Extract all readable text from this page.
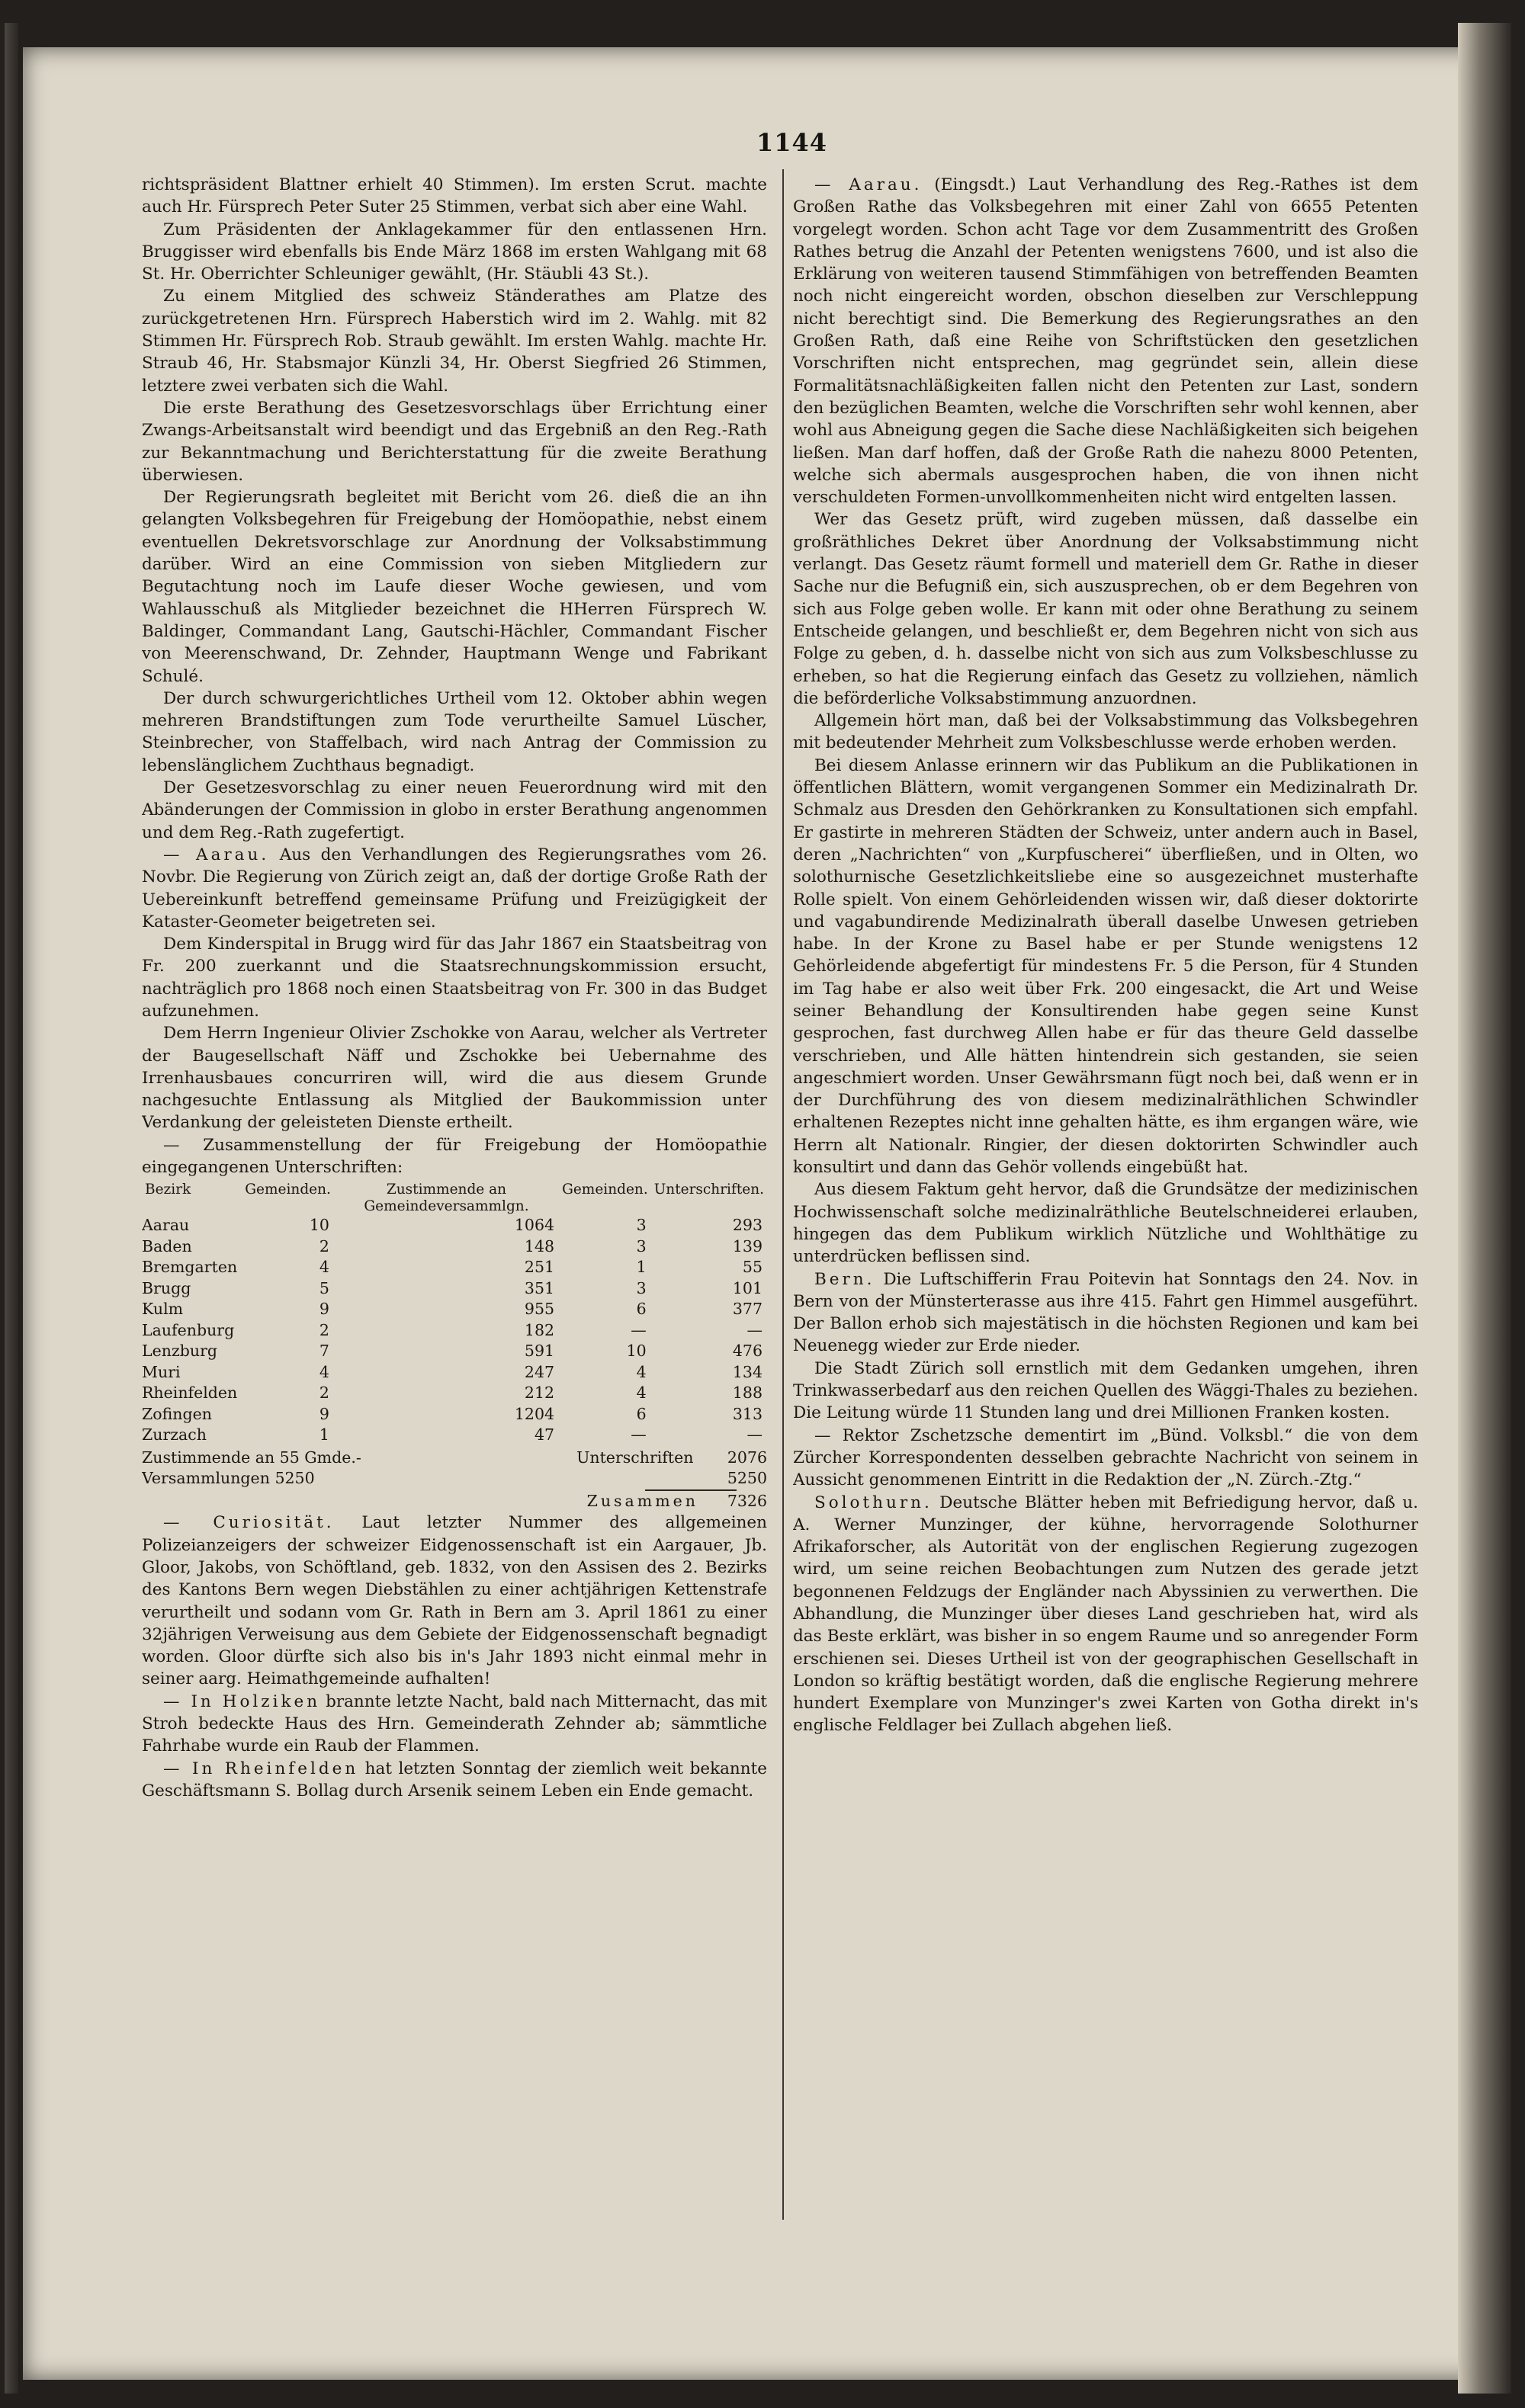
1144

richtspräsident Blattner erhielt 40 Stimmen). Im ersten Scrut. machte auch Hr. Fürsprech Peter Suter 25 Stimmen, verbat sich aber eine Wahl.

Zum Präsidenten der Anklagekammer für den entlassenen Hrn. Bruggisser wird ebenfalls bis Ende März 1868 im ersten Wahlgang mit 68 St. Hr. Oberrichter Schleuniger gewählt, (Hr. Stäubli 43 St.).

Zu einem Mitglied des schweiz Ständerathes am Platze des zurückgetretenen Hrn. Fürsprech Haberstich wird im 2. Wahlg. mit 82 Stimmen Hr. Fürsprech Rob. Straub gewählt. Im ersten Wahlg. machte Hr. Straub 46, Hr. Stabsmajor Künzli 34, Hr. Oberst Siegfried 26 Stimmen, letztere zwei verbaten sich die Wahl.

Die erste Berathung des Gesetzesvorschlags über Errichtung einer Zwangs-Arbeitsanstalt wird beendigt und das Ergebniß an den Reg.-Rath zur Bekanntmachung und Berichterstattung für die zweite Berathung überwiesen.

Der Regierungsrath begleitet mit Bericht vom 26. dieß die an ihn gelangten Volksbegehren für Freigebung der Homöopathie, nebst einem eventuellen Dekretsvorschlage zur Anordnung der Volksabstimmung darüber. Wird an eine Commission von sieben Mitgliedern zur Begutachtung noch im Laufe dieser Woche gewiesen, und vom Wahlausschuß als Mitglieder bezeichnet die HHerren Fürsprech W. Baldinger, Commandant Lang, Gautschi-Hächler, Commandant Fischer von Meerenschwand, Dr. Zehnder, Hauptmann Wenge und Fabrikant Schulé.

Der durch schwurgerichtliches Urtheil vom 12. Oktober abhin wegen mehreren Brandstiftungen zum Tode verurtheilte Samuel Lüscher, Steinbrecher, von Staffelbach, wird nach Antrag der Commission zu lebenslänglichem Zuchthaus begnadigt.

Der Gesetzesvorschlag zu einer neuen Feuerordnung wird mit den Abänderungen der Commission in globo in erster Berathung angenommen und dem Reg.-Rath zugefertigt.

— Aarau. Aus den Verhandlungen des Regierungsrathes vom 26. Novbr. Die Regierung von Zürich zeigt an, daß der dortige Große Rath der Uebereinkunft betreffend gemeinsame Prüfung und Freizügigkeit der Kataster-Geometer beigetreten sei.

Dem Kinderspital in Brugg wird für das Jahr 1867 ein Staatsbeitrag von Fr. 200 zuerkannt und die Staatsrechnungskommission ersucht, nachträglich pro 1868 noch einen Staatsbeitrag von Fr. 300 in das Budget aufzunehmen.

Dem Herrn Ingenieur Olivier Zschokke von Aarau, welcher als Vertreter der Baugesellschaft Näff und Zschokke bei Uebernahme des Irrenhausbaues concurriren will, wird die aus diesem Grunde nachgesuchte Entlassung als Mitglied der Baukommission unter Verdankung der geleisteten Dienste ertheilt.

— Zusammenstellung der für Freigebung der Homöopathie eingegangenen Unterschriften:

Bezirk	Gemeinden.	Zustimmende an Gemeindeversammlgn.	Gemeinden.	Unterschriften.
Aarau	10	1064	3	293
Baden	2	148	3	139
Bremgarten	4	251	1	55
Brugg	5	351	3	101
Kulm	9	955	6	377
Laufenburg	2	182	—	—
Lenzburg	7	591	10	476
Muri	4	247	4	134
Rheinfelden	2	212	4	188
Zofingen	9	1204	6	313
Zurzach	1	47	—	—
Zustimmende an 55 Gmde.-	Unterschriften 2076
Versammlungen 5250	5250
Zusammen	7326

— Curiosität. Laut letzter Nummer des allgemeinen Polizeianzeigers der schweizer Eidgenossenschaft ist ein Aargauer, Jb. Gloor, Jakobs, von Schöftland, geb. 1832, von den Assisen des 2. Bezirks des Kantons Bern wegen Diebstählen zu einer achtjährigen Kettenstrafe verurtheilt und sodann vom Gr. Rath in Bern am 3. April 1861 zu einer 32jährigen Verweisung aus dem Gebiete der Eidgenossenschaft begnadigt worden. Gloor dürfte sich also bis in's Jahr 1893 nicht einmal mehr in seiner aarg. Heimathgemeinde aufhalten!

— In Holziken brannte letzte Nacht, bald nach Mitternacht, das mit Stroh bedeckte Haus des Hrn. Gemeinderath Zehnder ab; sämmtliche Fahrhabe wurde ein Raub der Flammen.

— In Rheinfelden hat letzten Sonntag der ziemlich weit bekannte Geschäftsmann S. Bollag durch Arsenik seinem Leben ein Ende gemacht.

— Aarau. (Eingsdt.) Laut Verhandlung des Reg.-Rathes ist dem Großen Rathe das Volksbegehren mit einer Zahl von 6655 Petenten vorgelegt worden. Schon acht Tage vor dem Zusammentritt des Großen Rathes betrug die Anzahl der Petenten wenigstens 7600, und ist also die Erklärung von weiteren tausend Stimmfähigen von betreffenden Beamten noch nicht eingereicht worden, obschon dieselben zur Verschleppung nicht berechtigt sind. Die Bemerkung des Regierungsrathes an den Großen Rath, daß eine Reihe von Schriftstücken den gesetzlichen Vorschriften nicht entsprechen, mag gegründet sein, allein diese Formalitätsnachläßigkeiten fallen nicht den Petenten zur Last, sondern den bezüglichen Beamten, welche die Vorschriften sehr wohl kennen, aber wohl aus Abneigung gegen die Sache diese Nachläßigkeiten sich beigehen ließen. Man darf hoffen, daß der Große Rath die nahezu 8000 Petenten, welche sich abermals ausgesprochen haben, die von ihnen nicht verschuldeten Formen-unvollkommenheiten nicht wird entgelten lassen.

Wer das Gesetz prüft, wird zugeben müssen, daß dasselbe ein großräthliches Dekret über Anordnung der Volksabstimmung nicht verlangt. Das Gesetz räumt formell und materiell dem Gr. Rathe in dieser Sache nur die Befugniß ein, sich auszusprechen, ob er dem Begehren von sich aus Folge geben wolle. Er kann mit oder ohne Berathung zu seinem Entscheide gelangen, und beschließt er, dem Begehren nicht von sich aus Folge zu geben, d. h. dasselbe nicht von sich aus zum Volksbeschlusse zu erheben, so hat die Regierung einfach das Gesetz zu vollziehen, nämlich die beförderliche Volksabstimmung anzuordnen.

Allgemein hört man, daß bei der Volksabstimmung das Volksbegehren mit bedeutender Mehrheit zum Volksbeschlusse werde erhoben werden.

Bei diesem Anlasse erinnern wir das Publikum an die Publikationen in öffentlichen Blättern, womit vergangenen Sommer ein Medizinalrath Dr. Schmalz aus Dresden den Gehörkranken zu Konsultationen sich empfahl. Er gastirte in mehreren Städten der Schweiz, unter andern auch in Basel, deren „Nachrichten“ von „Kurpfuscherei“ überfließen, und in Olten, wo solothurnische Gesetzlichkeitsliebe eine so ausgezeichnet musterhafte Rolle spielt. Von einem Gehörleidenden wissen wir, daß dieser doktorirte und vagabundirende Medizinalrath überall daselbe Unwesen getrieben habe. In der Krone zu Basel habe er per Stunde wenigstens 12 Gehörleidende abgefertigt für mindestens Fr. 5 die Person, für 4 Stunden im Tag habe er also weit über Frk. 200 eingesackt, die Art und Weise seiner Behandlung der Konsultirenden habe gegen seine Kunst gesprochen, fast durchweg Allen habe er für das theure Geld dasselbe verschrieben, und Alle hätten hintendrein sich gestanden, sie seien angeschmiert worden. Unser Gewährsmann fügt noch bei, daß wenn er in der Durchführung des von diesem medizinalräthlichen Schwindler erhaltenen Rezeptes nicht inne gehalten hätte, es ihm ergangen wäre, wie Herrn alt Nationalr. Ringier, der diesen doktorirten Schwindler auch konsultirt und dann das Gehör vollends eingebüßt hat.

Aus diesem Faktum geht hervor, daß die Grundsätze der medizinischen Hochwissenschaft solche medizinalräthliche Beutelschneiderei erlauben, hingegen das dem Publikum wirklich Nützliche und Wohlthätige zu unterdrücken beflissen sind.

Bern. Die Luftschifferin Frau Poitevin hat Sonntags den 24. Nov. in Bern von der Münsterterasse aus ihre 415. Fahrt gen Himmel ausgeführt. Der Ballon erhob sich majestätisch in die höchsten Regionen und kam bei Neuenegg wieder zur Erde nieder.

Die Stadt Zürich soll ernstlich mit dem Gedanken umgehen, ihren Trinkwasserbedarf aus den reichen Quellen des Wäggi-Thales zu beziehen. Die Leitung würde 11 Stunden lang und drei Millionen Franken kosten.

— Rektor Zschetzsche dementirt im „Bünd. Volksbl.“ die von dem Zürcher Korrespondenten desselben gebrachte Nachricht von seinem in Aussicht genommenen Eintritt in die Redaktion der „N. Zürch.-Ztg.“

Solothurn. Deutsche Blätter heben mit Befriedigung hervor, daß u. A. Werner Munzinger, der kühne, hervorragende Solothurner Afrikaforscher, als Autorität von der englischen Regierung zugezogen wird, um seine reichen Beobachtungen zum Nutzen des gerade jetzt begonnenen Feldzugs der Engländer nach Abyssinien zu verwerthen. Die Abhandlung, die Munzinger über dieses Land geschrieben hat, wird als das Beste erklärt, was bisher in so engem Raume und so anregender Form erschienen sei. Dieses Urtheil ist von der geographischen Gesellschaft in London so kräftig bestätigt worden, daß die englische Regierung mehrere hundert Exemplare von Munzinger's zwei Karten von Gotha direkt in's englische Feldlager bei Zullach abgehen ließ.
